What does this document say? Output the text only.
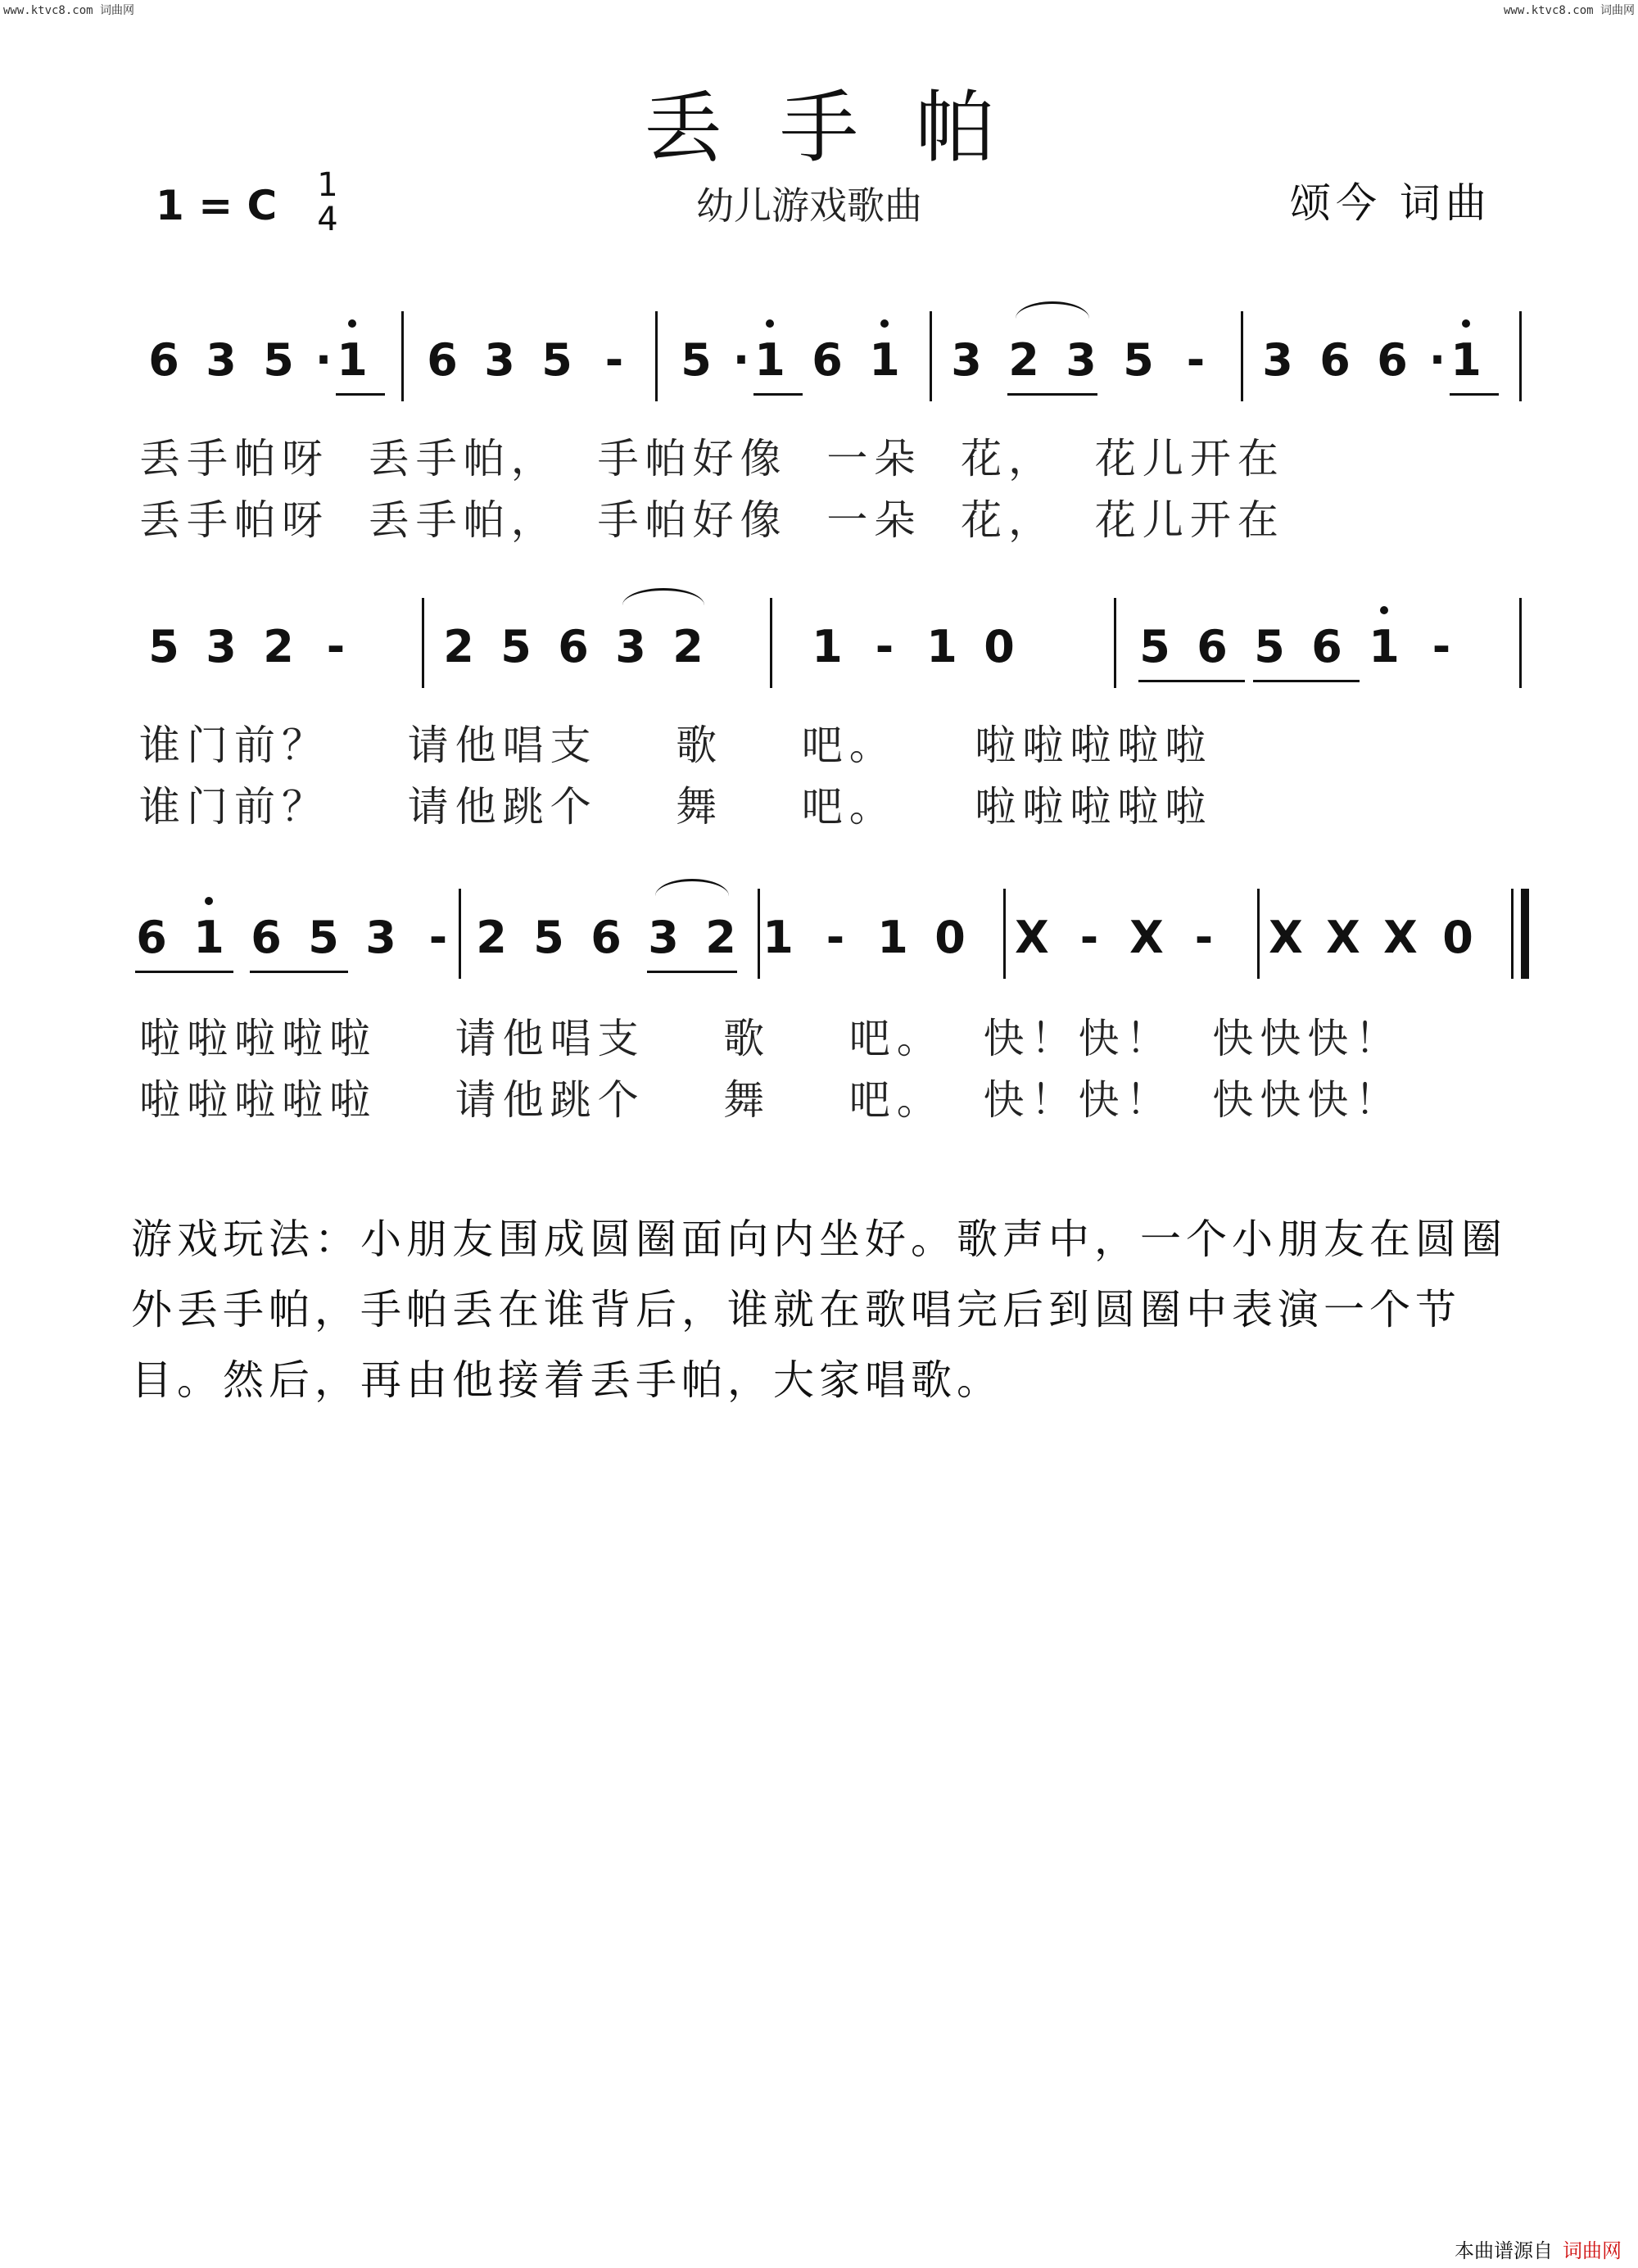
www.ktvc8.com 词曲网	www.ktvc8.com 词曲网
丢手帕
1 = C 1
4	幼儿游戏歌曲	颂今 词曲
6 3 5 · 1 6 3 5 - 5 · 1 6 1 3 2 3 5 - 3 6 6 · 1
5 3 2 - 2 5 6 3 2 1 - 1 0	5 6 5 6 1 -
6 1 6 5 3 - 2 5 6 3 2 1 - 1 0 X - X - X X X 0
丢手帕呀  丢手帕，  手帕好像  一朵  花，  花儿开在
丢手帕呀  丢手帕，  手帕好像  一朵  花，  花儿开在
谁门前？    请他唱支    歌    吧。    啦啦啦啦啦
谁门前？    请他跳个    舞    吧。    啦啦啦啦啦
啦啦啦啦啦    请他唱支    歌    吧。  快！快！  快快快！
啦啦啦啦啦    请他跳个    舞    吧。  快！快！  快快快！
游戏玩法：小朋友围成圆圈面向内坐好。歌声中，一个小朋友在圆圈外丢手帕，手帕丢在谁背后，谁就在歌唱完后到圆圈中表演一个节目。然后，再由他接着丢手帕，大家唱歌。
本曲谱源自 词曲网
